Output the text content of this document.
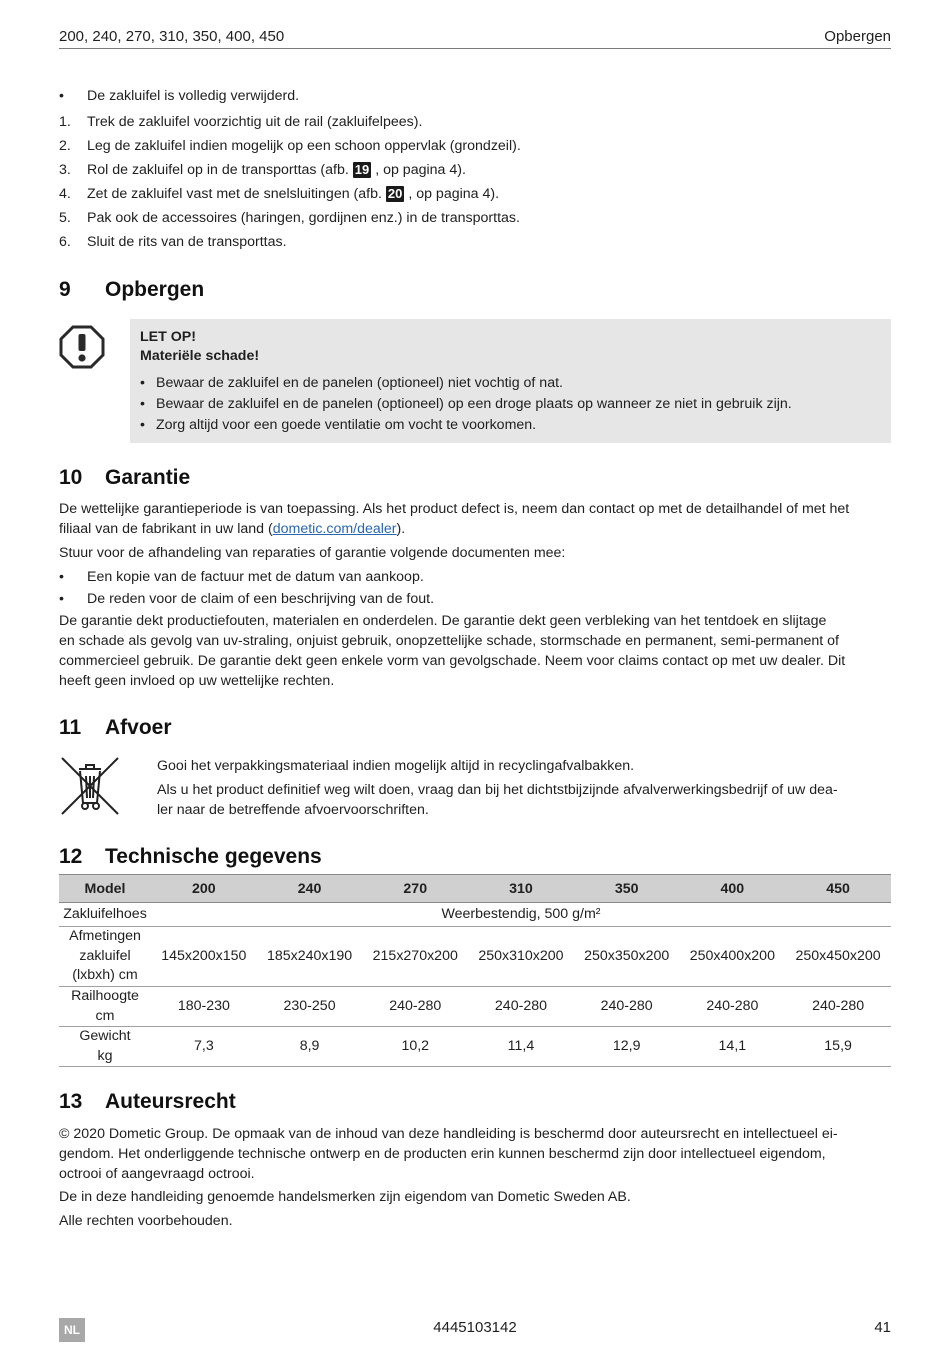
200, 240, 270, 310, 350, 400, 450	Opbergen
• De zakluifel is volledig verwijderd.
1. Trek de zakluifel voorzichtig uit de rail (zakluifelpees).
2. Leg de zakluifel indien mogelijk op een schoon oppervlak (grondzeil).
3. Rol de zakluifel op in de transporttas (afb. 19 , op pagina 4).
4. Zet de zakluifel vast met de snelsluitingen (afb. 20 , op pagina 4).
5. Pak ook de accessoires (haringen, gordijnen enz.) in de transporttas.
6. Sluit de rits van de transporttas.
9 Opbergen
LET OP!
Materiële schade!
• Bewaar de zakluifel en de panelen (optioneel) niet vochtig of nat.
• Bewaar de zakluifel en de panelen (optioneel) op een droge plaats op wanneer ze niet in gebruik zijn.
• Zorg altijd voor een goede ventilatie om vocht te voorkomen.
10 Garantie
De wettelijke garantieperiode is van toepassing. Als het product defect is, neem dan contact op met de detailhandel of met het
filiaal van de fabrikant in uw land (dometic.com/dealer).
Stuur voor de afhandeling van reparaties of garantie volgende documenten mee:
• Een kopie van de factuur met de datum van aankoop.
• De reden voor de claim of een beschrijving van de fout.
De garantie dekt productiefouten, materialen en onderdelen. De garantie dekt geen verbleking van het tentdoek en slijtage
en schade als gevolg van uv-straling, onjuist gebruik, onopzettelijke schade, stormschade en permanent, semi-permanent of
commercieel gebruik. De garantie dekt geen enkele vorm van gevolgschade. Neem voor claims contact op met uw dealer. Dit
heeft geen invloed op uw wettelijke rechten.
11 Afvoer
Gooi het verpakkingsmateriaal indien mogelijk altijd in recyclingafvalbakken.
Als u het product definitief weg wilt doen, vraag dan bij het dichtstbijzijnde afvalverwerkingsbedrijf of uw dea-
ler naar de betreffende afvoervoorschriften.
12 Technische gegevens
Model	200	240	270	310	350	400	450
Zakluifelhoes	Weerbestendig, 500 g/m²						

Afmetingen
zakluifel
(lxbxh) cm	145x200x150	185x240x190	215x270x200	250x310x200	250x350x200	250x400x200	250x450x200

Railhoogte
cm	180-230	230-250	240-280	240-280	240-280	240-280	240-280

Gewicht
kg	7,3	8,9	10,2	11,4	12,9	14,1	15,9
13 Auteursrecht
© 2020 Dometic Group. De opmaak van de inhoud van deze handleiding is beschermd door auteursrecht en intellectueel ei-
gendom. Het onderliggende technische ontwerp en de producten erin kunnen beschermd zijn door intellectueel eigendom,
octrooi of aangevraagd octrooi.
De in deze handleiding genoemde handelsmerken zijn eigendom van Dometic Sweden AB.
Alle rechten voorbehouden.
NL	4445103142	41
